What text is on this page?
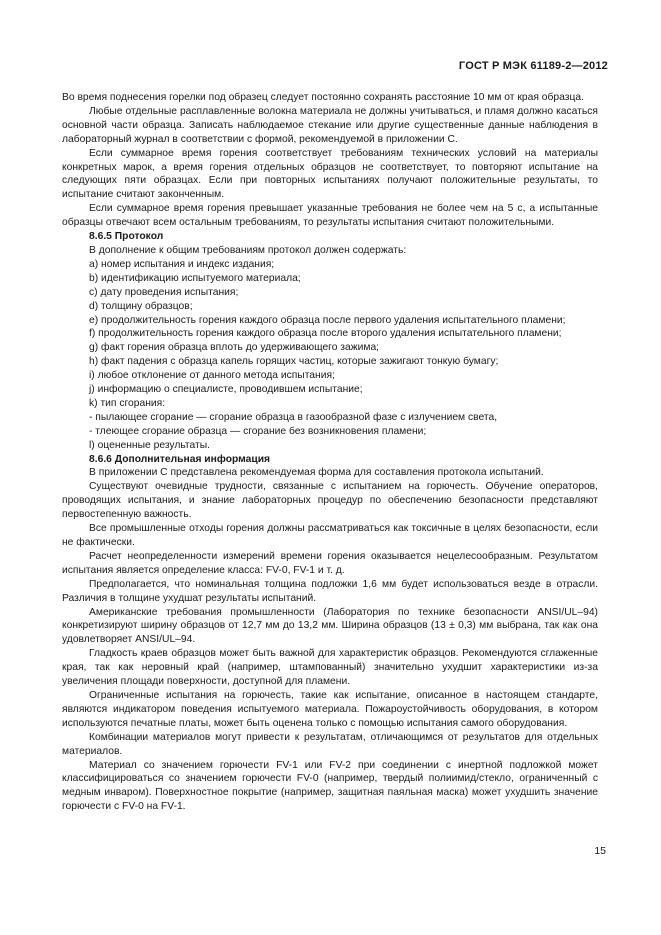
ГОСТ Р МЭК 61189-2—2012

Во время поднесения горелки под образец следует постоянно сохранять расстояние 10 мм от края образца.

Любые отдельные расплавленные волокна материала не должны учитываться, и пламя должно касаться основной части образца. Записать наблюдаемое стекание или другие существенные данные наблюдения в лабораторный журнал в соответствии с формой, рекомендуемой в приложении С.

Если суммарное время горения соответствует требованиям технических условий на материалы конкретных марок, а время горения отдельных образцов не соответствует, то повторяют испытание на следующих пяти образцах. Если при повторных испытаниях получают положительные результаты, то испытание считают законченным.

Если суммарное время горения превышает указанные требования не более чем на 5 с, а испытанные образцы отвечают всем остальным требованиям, то результаты испытания считают положительными.

8.6.5 Протокол

В дополнение к общим требованиям протокол должен содержать:

a) номер испытания и индекс издания;

b) идентификацию испытуемого материала;

c) дату проведения испытания;

d) толщину образцов;

e) продолжительность горения каждого образца после первого удаления испытательного пламени;

f) продолжительность горения каждого образца после второго удаления испытательного пламени;

g) факт горения образца вплоть до удерживающего зажима;

h) факт падения с образца капель горящих частиц, которые зажигают тонкую бумагу;

i) любое отклонение от данного метода испытания;

j) информацию о специалисте, проводившем испытание;

k) тип сгорания:

- пылающее сгорание — сгорание образца в газообразной фазе с излучением света,

- тлеющее сгорание образца — сгорание без возникновения пламени;

l) оцененные результаты.

8.6.6 Дополнительная информация

В приложении С представлена рекомендуемая форма для составления протокола испытаний.

Существуют очевидные трудности, связанные с испытанием на горючесть. Обучение операторов, проводящих испытания, и знание лабораторных процедур по обеспечению безопасности представляют первостепенную важность.

Все промышленные отходы горения должны рассматриваться как токсичные в целях безопасности, если не фактически.

Расчет неопределенности измерений времени горения оказывается нецелесообразным. Результатом испытания является определение класса: FV-0, FV-1 и т. д.

Предполагается, что номинальная толщина подложки 1,6 мм будет использоваться везде в отрасли. Различия в толщине ухудшат результаты испытаний.

Американские требования промышленности (Лаборатория по технике безопасности ANSI/UL–94) конкретизируют ширину образцов от 12,7 мм до 13,2 мм. Ширина образцов (13 ± 0,3) мм выбрана, так как она удовлетворяет ANSI/UL–94.

Гладкость краев образцов может быть важной для характеристик образцов. Рекомендуются сглаженные края, так как неровный край (например, штампованный) значительно ухудшит характеристики из-за увеличения площади поверхности, доступной для пламени.

Ограниченные испытания на горючесть, такие как испытание, описанное в настоящем стандарте, являются индикатором поведения испытуемого материала. Пожароустойчивость оборудования, в котором используются печатные платы, может быть оценена только с помощью испытания самого оборудования.

Комбинации материалов могут привести к результатам, отличающимся от результатов для отдельных материалов.

Материал со значением горючести FV-1 или FV-2 при соединении с инертной подложкой может классифицироваться со значением горючести FV-0 (например, твердый полиимид/стекло, ограниченный с медным инваром). Поверхностное покрытие (например, защитная паяльная маска) может ухудшить значение горючести с FV-0 на FV-1.

15
